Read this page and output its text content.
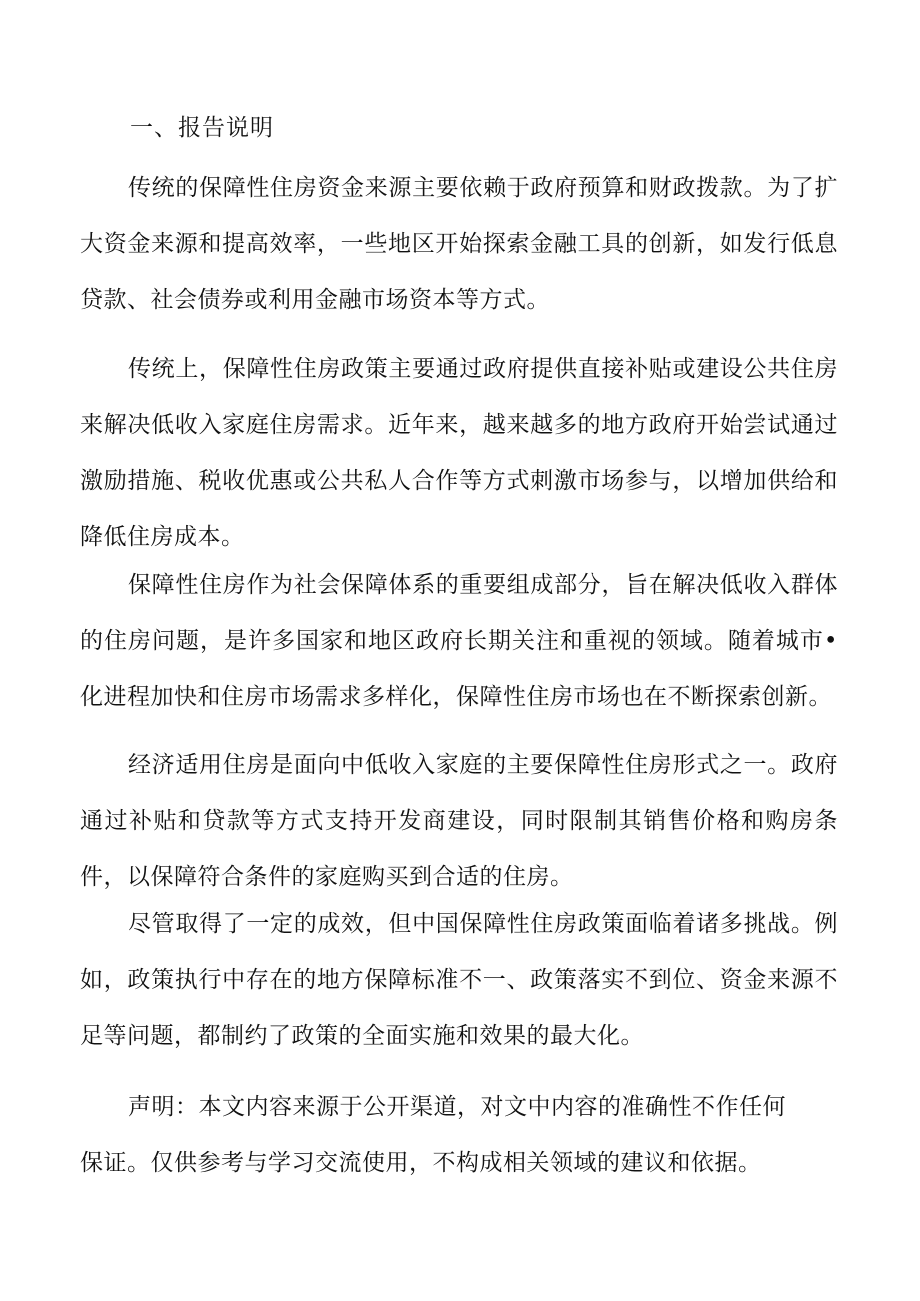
一、报告说明

传统的保障性住房资金来源主要依赖于政府预算和财政拨款。为了扩大资金来源和提高效率，一些地区开始探索金融工具的创新，如发行低息贷款、社会债券或利用金融市场资本等方式。

传统上，保障性住房政策主要通过政府提供直接补贴或建设公共住房来解决低收入家庭住房需求。近年来，越来越多的地方政府开始尝试通过激励措施、税收优惠或公共私人合作等方式刺激市场参与，以增加供给和降低住房成本。

保障性住房作为社会保障体系的重要组成部分，旨在解决低收入群体的住房问题，是许多国家和地区政府长期关注和重视的领域。随着城市•化进程加快和住房市场需求多样化，保障性住房市场也在不断探索创新。

经济适用住房是面向中低收入家庭的主要保障性住房形式之一。政府通过补贴和贷款等方式支持开发商建设，同时限制其销售价格和购房条件，以保障符合条件的家庭购买到合适的住房。

尽管取得了一定的成效，但中国保障性住房政策面临着诸多挑战。例如，政策执行中存在的地方保障标准不一、政策落实不到位、资金来源不足等问题，都制约了政策的全面实施和效果的最大化。

声明：本文内容来源于公开渠道，对文中内容的准确性不作任何
保证。仅供参考与学习交流使用，不构成相关领域的建议和依据。
